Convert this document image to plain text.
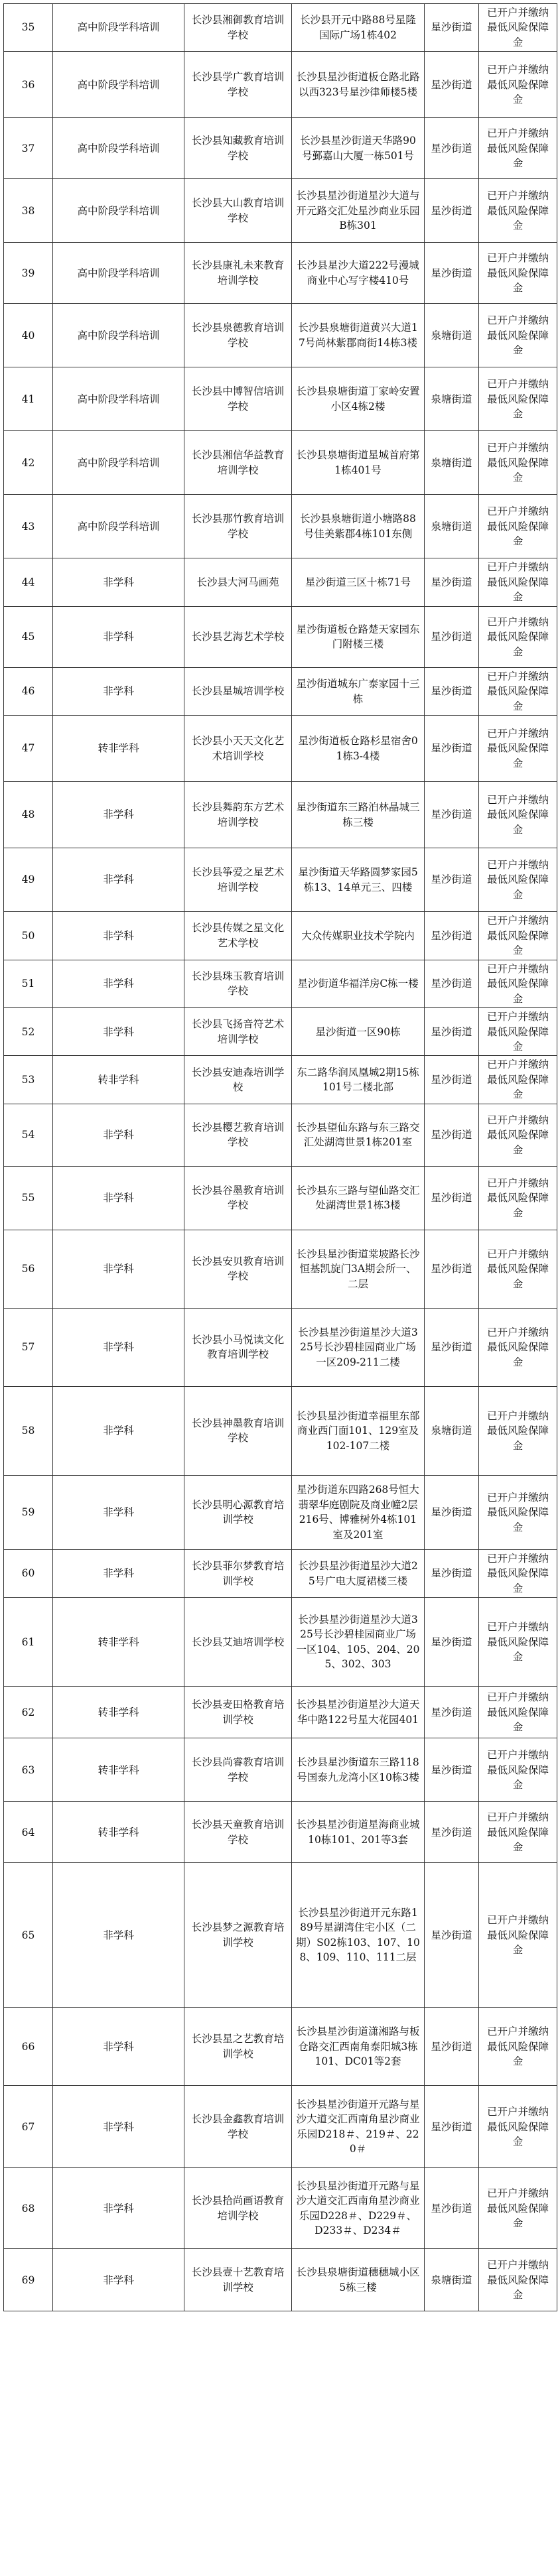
35	高中阶段学科培训	长沙县湘御教育培训学校	长沙县开元中路88号星隆国际广场1栋402	星沙街道	已开户并缴纳最低风险保障金
36	高中阶段学科培训	长沙县学广教育培训学校	长沙县星沙街道板仓路北路以西323号星沙律师楼5楼	星沙街道	已开户并缴纳最低风险保障金
37	高中阶段学科培训	长沙县知藏教育培训学校	长沙县星沙街道天华路90号鄞嘉山大厦一栋501号	星沙街道	已开户并缴纳最低风险保障金
38	高中阶段学科培训	长沙县大山教育培训学校	长沙县星沙街道星沙大道与开元路交汇处星沙商业乐园B栋301	星沙街道	已开户并缴纳最低风险保障金
39	高中阶段学科培训	长沙县康礼未来教育培训学校	长沙县星沙大道222号漫城商业中心写字楼410号	星沙街道	已开户并缴纳最低风险保障金
40	高中阶段学科培训	长沙县泉德教育培训学校	长沙县泉塘街道黄兴大道17号尚林紫郡商街14栋3楼	泉塘街道	已开户并缴纳最低风险保障金
41	高中阶段学科培训	长沙县中博智信培训学校	长沙县泉塘街道丁家岭安置小区4栋2楼	泉塘街道	已开户并缴纳最低风险保障金
42	高中阶段学科培训	长沙县湘信华益教育培训学校	长沙县泉塘街道星城首府第1栋401号	泉塘街道	已开户并缴纳最低风险保障金
43	高中阶段学科培训	长沙县那竹教育培训学校	长沙县泉塘街道小塘路88号佳美紫郡4栋101东侧	泉塘街道	已开户并缴纳最低风险保障金
44	非学科	长沙县大河马画苑	星沙街道三区十栋71号	星沙街道	已开户并缴纳最低风险保障金
45	非学科	长沙县艺海艺术学校	星沙街道板仓路楚天家园东门附楼三楼	星沙街道	已开户并缴纳最低风险保障金
46	非学科	长沙县星城培训学校	星沙街道城东广泰家园十三栋	星沙街道	已开户并缴纳最低风险保障金
47	转非学科	长沙县小天天文化艺术培训学校	星沙街道板仓路杉星宿舍01栋3-4楼	星沙街道	已开户并缴纳最低风险保障金
48	非学科	长沙县舞韵东方艺术培训学校	星沙街道东三路泊林晶城三栋三楼	星沙街道	已开户并缴纳最低风险保障金
49	非学科	长沙县筝爱之星艺术培训学校	星沙街道天华路圆梦家园5栋13、14单元三、四楼	星沙街道	已开户并缴纳最低风险保障金
50	非学科	长沙县传媒之星文化艺术学校	大众传媒职业技术学院内	星沙街道	已开户并缴纳最低风险保障金
51	非学科	长沙县珠玉教育培训学校	星沙街道华福洋房C栋一楼	星沙街道	已开户并缴纳最低风险保障金
52	非学科	长沙县飞扬音符艺术培训学校	星沙街道一区90栋	星沙街道	已开户并缴纳最低风险保障金
53	转非学科	长沙县安迪森培训学校	东二路华润凤凰城2期15栋101号二楼北部	星沙街道	已开户并缴纳最低风险保障金
54	非学科	长沙县樱艺教育培训学校	长沙县望仙东路与东三路交汇处湖湾世景1栋201室	星沙街道	已开户并缴纳最低风险保障金
55	非学科	长沙县谷墨教育培训学校	长沙县东三路与望仙路交汇处湖湾世景1栋3楼	星沙街道	已开户并缴纳最低风险保障金
56	非学科	长沙县安贝教育培训学校	长沙县星沙街道棠坡路长沙恒基凯旋门3A期会所一、二层	星沙街道	已开户并缴纳最低风险保障金
57	非学科	长沙县小马悦读文化教育培训学校	长沙县星沙街道星沙大道325号长沙碧桂园商业广场一区209-211二楼	星沙街道	已开户并缴纳最低风险保障金
58	非学科	长沙县神墨教育培训学校	长沙县星沙街道幸福里东部商业西门面101、129室及102-107二楼	泉塘街道	已开户并缴纳最低风险保障金
59	非学科	长沙县明心源教育培训学校	星沙街道东四路268号恒大翡翠华庭剧院及商业幢2层216号、博雅树外4栋101室及201室	星沙街道	已开户并缴纳最低风险保障金
60	非学科	长沙县菲尔梦教育培训学校	长沙县星沙街道星沙大道25号广电大厦裙楼三楼	星沙街道	已开户并缴纳最低风险保障金
61	转非学科	长沙县艾迪培训学校	长沙县星沙街道星沙大道325号长沙碧桂园商业广场一区104、105、204、205、302、303	星沙街道	已开户并缴纳最低风险保障金
62	转非学科	长沙县麦田格教育培训学校	长沙县星沙街道星沙大道天华中路122号星大花园401	星沙街道	已开户并缴纳最低风险保障金
63	转非学科	长沙县尚睿教育培训学校	长沙县星沙街道东三路118号国泰九龙湾小区10栋3楼	星沙街道	已开户并缴纳最低风险保障金
64	转非学科	长沙县天童教育培训学校	长沙县星沙街道星海商业城10栋101、201等3套	星沙街道	已开户并缴纳最低风险保障金
65	非学科	长沙县梦之源教育培训学校	长沙县星沙街道开元东路189号星湖湾住宅小区（二期）S02栋103、107、108、109、110、111二层	星沙街道	已开户并缴纳最低风险保障金
66	非学科	长沙县星之艺教育培训学校	长沙县星沙街道潇湘路与板仓路交汇西南角泰阳城3栋101、DC01等2套	星沙街道	已开户并缴纳最低风险保障金
67	非学科	长沙县金鑫教育培训学校	长沙县星沙街道开元路与星沙大道交汇西南角星沙商业乐园D218＃、219＃、220＃	星沙街道	已开户并缴纳最低风险保障金
68	非学科	长沙县拾尚画语教育培训学校	长沙县星沙街道开元路与星沙大道交汇西南角星沙商业乐园D228＃、D229＃、D233＃、D234＃	星沙街道	已开户并缴纳最低风险保障金
69	非学科	长沙县壹十艺教育培训学校	长沙县泉塘街道穗穗城小区5栋三楼	泉塘街道	已开户并缴纳最低风险保障金
